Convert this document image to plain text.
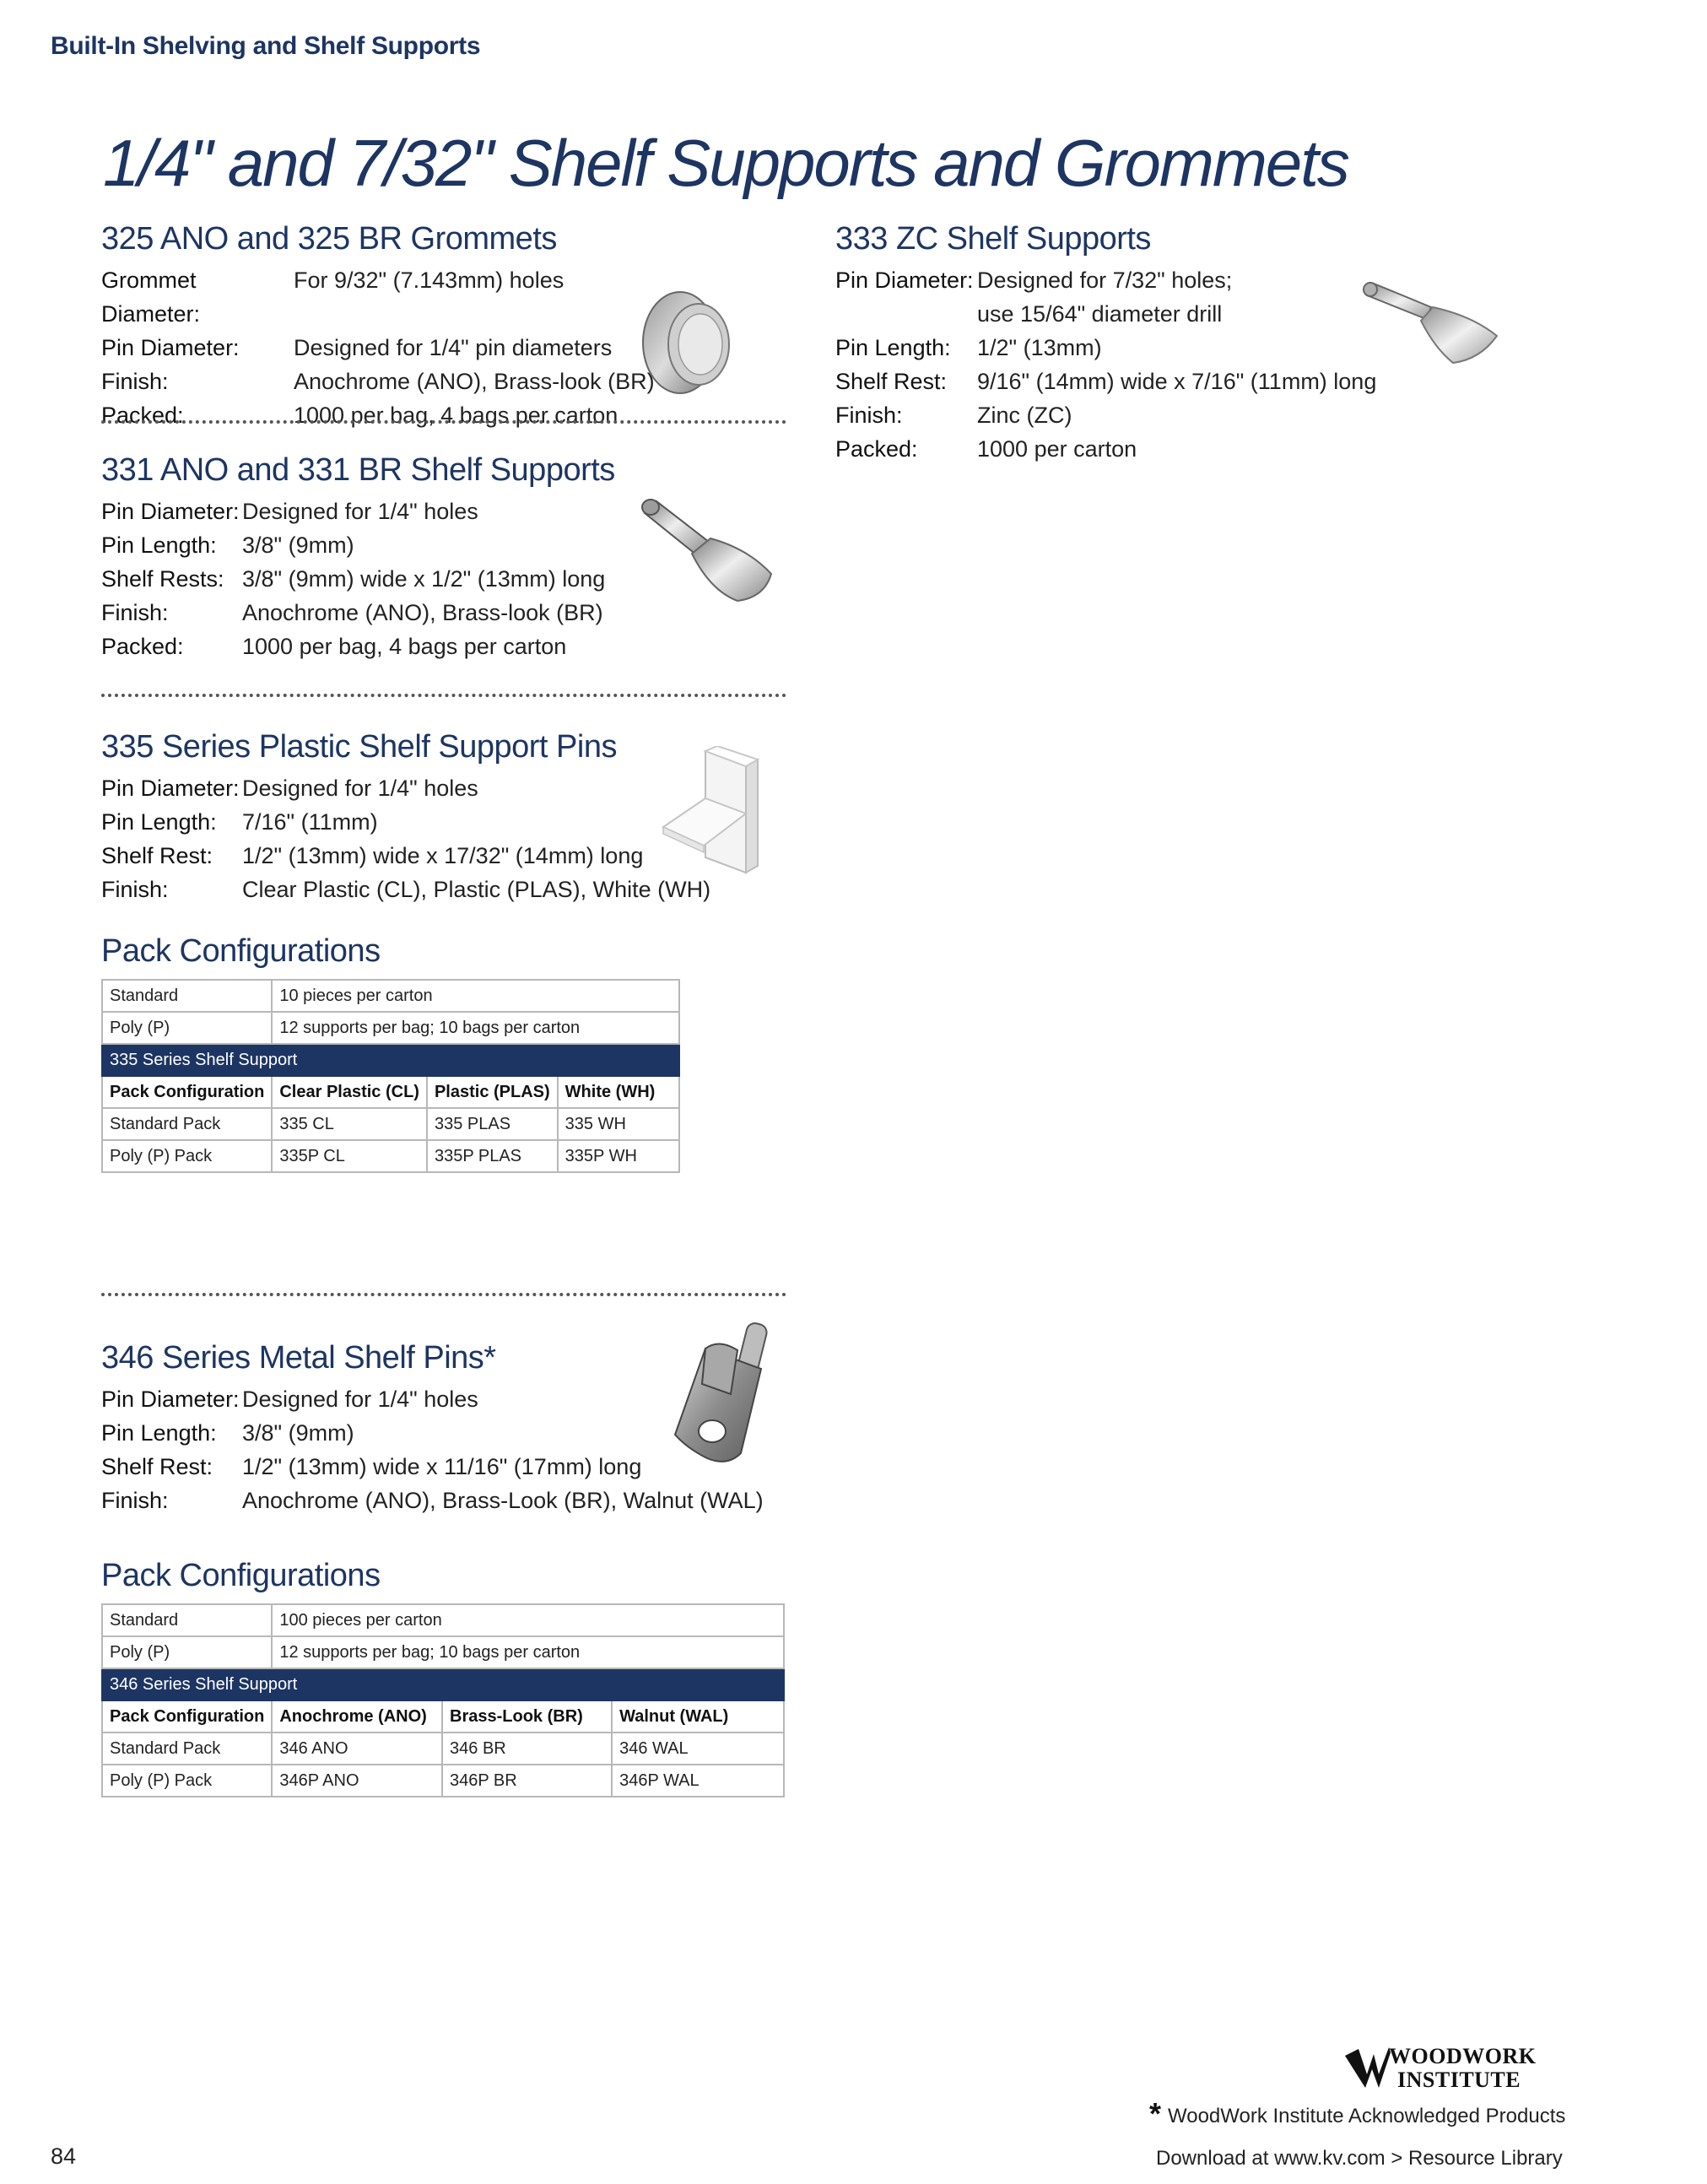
Built-In Shelving and Shelf Supports
1/4" and 7/32" Shelf Supports and Grommets
325 ANO and 325 BR Grommets
Grommet Diameter:
For 9/32" (7.143mm) holes
Pin Diameter:	Designed for 1/4" pin diameters
Finish:	Anochrome (ANO), Brass-look (BR)
Packed:	1000 per bag, 4 bags per carton
331 ANO and 331 BR Shelf Supports
Pin Diameter: Designed for 1/4" holes
Pin Length:	3/8" (9mm)
Shelf Rests: 3/8" (9mm) wide x 1/2" (13mm) long
Finish:	Anochrome (ANO), Brass-look (BR)
Packed:	1000 per bag, 4 bags per carton
335 Series Plastic Shelf Support Pins
Pin Diameter: Designed for 1/4" holes
Pin Length:	7/16" (11mm)
Shelf Rest:	1/2" (13mm) wide x 17/32" (14mm) long
Finish:	Clear Plastic (CL), Plastic (PLAS), White (WH)
Pack Configurations
Standard	10 pieces per carton		
Poly (P)	12 supports per bag; 10 bags per carton		
335 Series Shelf Support			
Pack Configuration	Clear Plastic (CL)	Plastic (PLAS)	White (WH)
Standard Pack	335 CL	335 PLAS	335 WH
Poly (P) Pack	335P CL	335P PLAS	335P WH
346 Series Metal Shelf Pins*
Pin Diameter: Designed for 1/4" holes
Pin Length:	3/8" (9mm)
Shelf Rest:	1/2" (13mm) wide x 11/16" (17mm) long
Finish:	Anochrome (ANO), Brass-Look (BR), Walnut (WAL)
Pack Configurations
Standard	100 pieces per carton		
Poly (P)	12 supports per bag; 10 bags per carton		
346 Series Shelf Support			
Pack Configuration	Anochrome (ANO)	Brass-Look (BR)	Walnut (WAL)
Standard Pack	346 ANO	346 BR	346 WAL
Poly (P) Pack	346P ANO	346P BR	346P WAL
333 ZC Shelf Supports
Pin Diameter: Designed for 7/32" holes;
use 15/64" diameter drill
Pin Length:	1/2" (13mm)
Shelf Rest:	9/16" (14mm) wide x 7/16" (11mm) long
Finish:	Zinc (ZC)
Packed:	1000 per carton
WOODWORK
INSTITUTE
* WoodWork Institute Acknowledged Products
Download at www.kv.com > Resource Library
84
